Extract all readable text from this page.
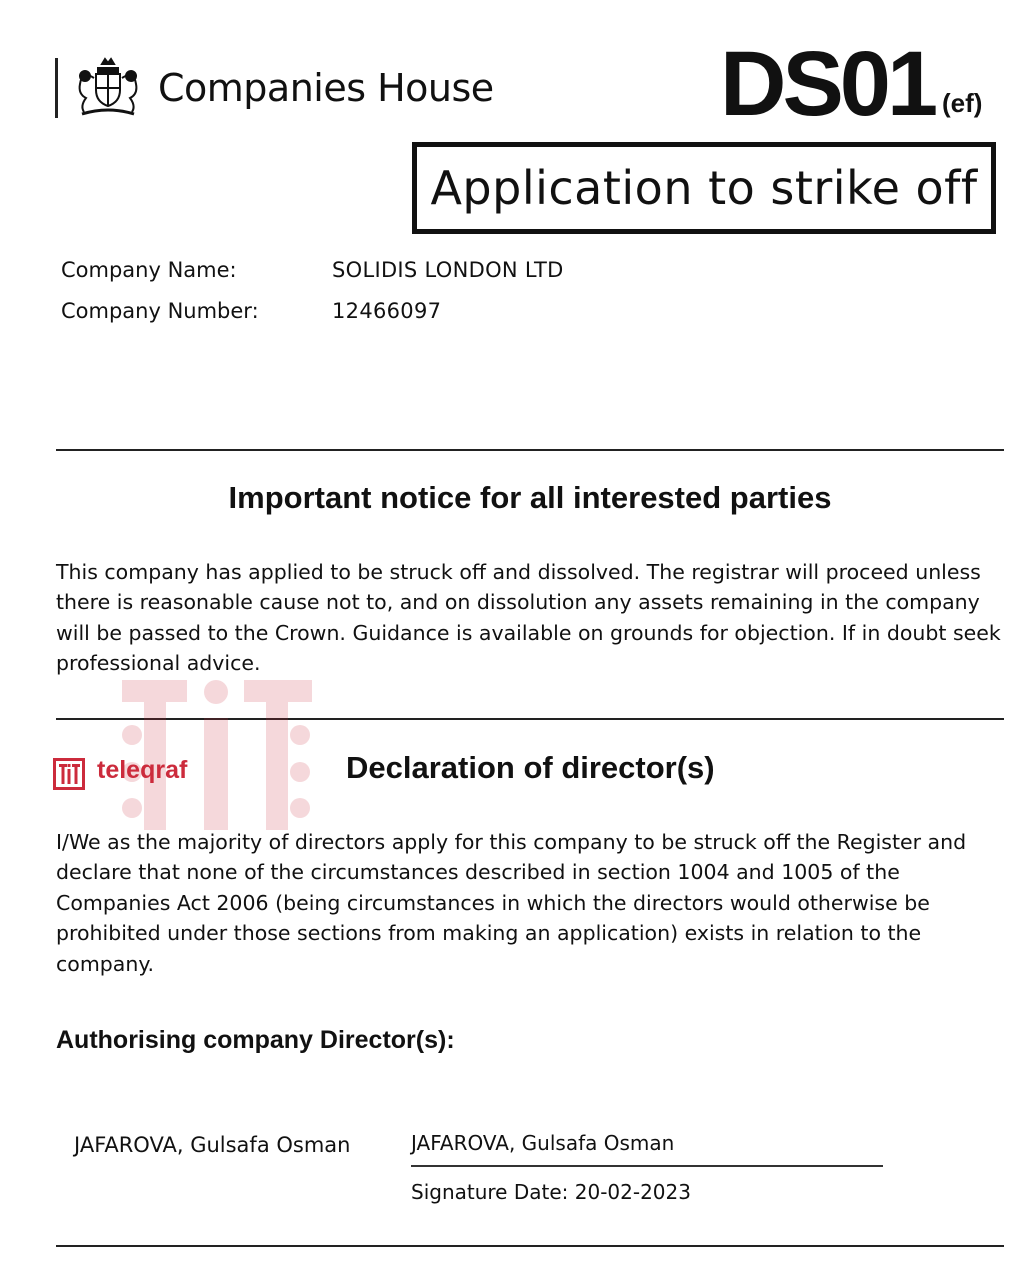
Companies House DS01 (ef)
Application to strike off
Company Name:	SOLIDIS LONDON LTD
Company Number:	12466097
Important notice for all interested parties

This company has applied to be struck off and dissolved. The registrar will proceed unless there is reasonable cause not to, and on dissolution any assets remaining in the company will be passed to the Crown. Guidance is available on grounds for objection. If in doubt seek professional advice.

teleqraf	Declaration of director(s)

I/We as the majority of directors apply for this company to be struck off the Register and declare that none of the circumstances described in section 1004 and 1005 of the Companies Act 2006 (being circumstances in which the directors would otherwise be prohibited under those sections from making an application) exists in relation to the company.

Authorising company Director(s):
JAFAROVA, Gulsafa Osman	JAFAROVA, Gulsafa Osman
Signature Date: 20-02-2023
